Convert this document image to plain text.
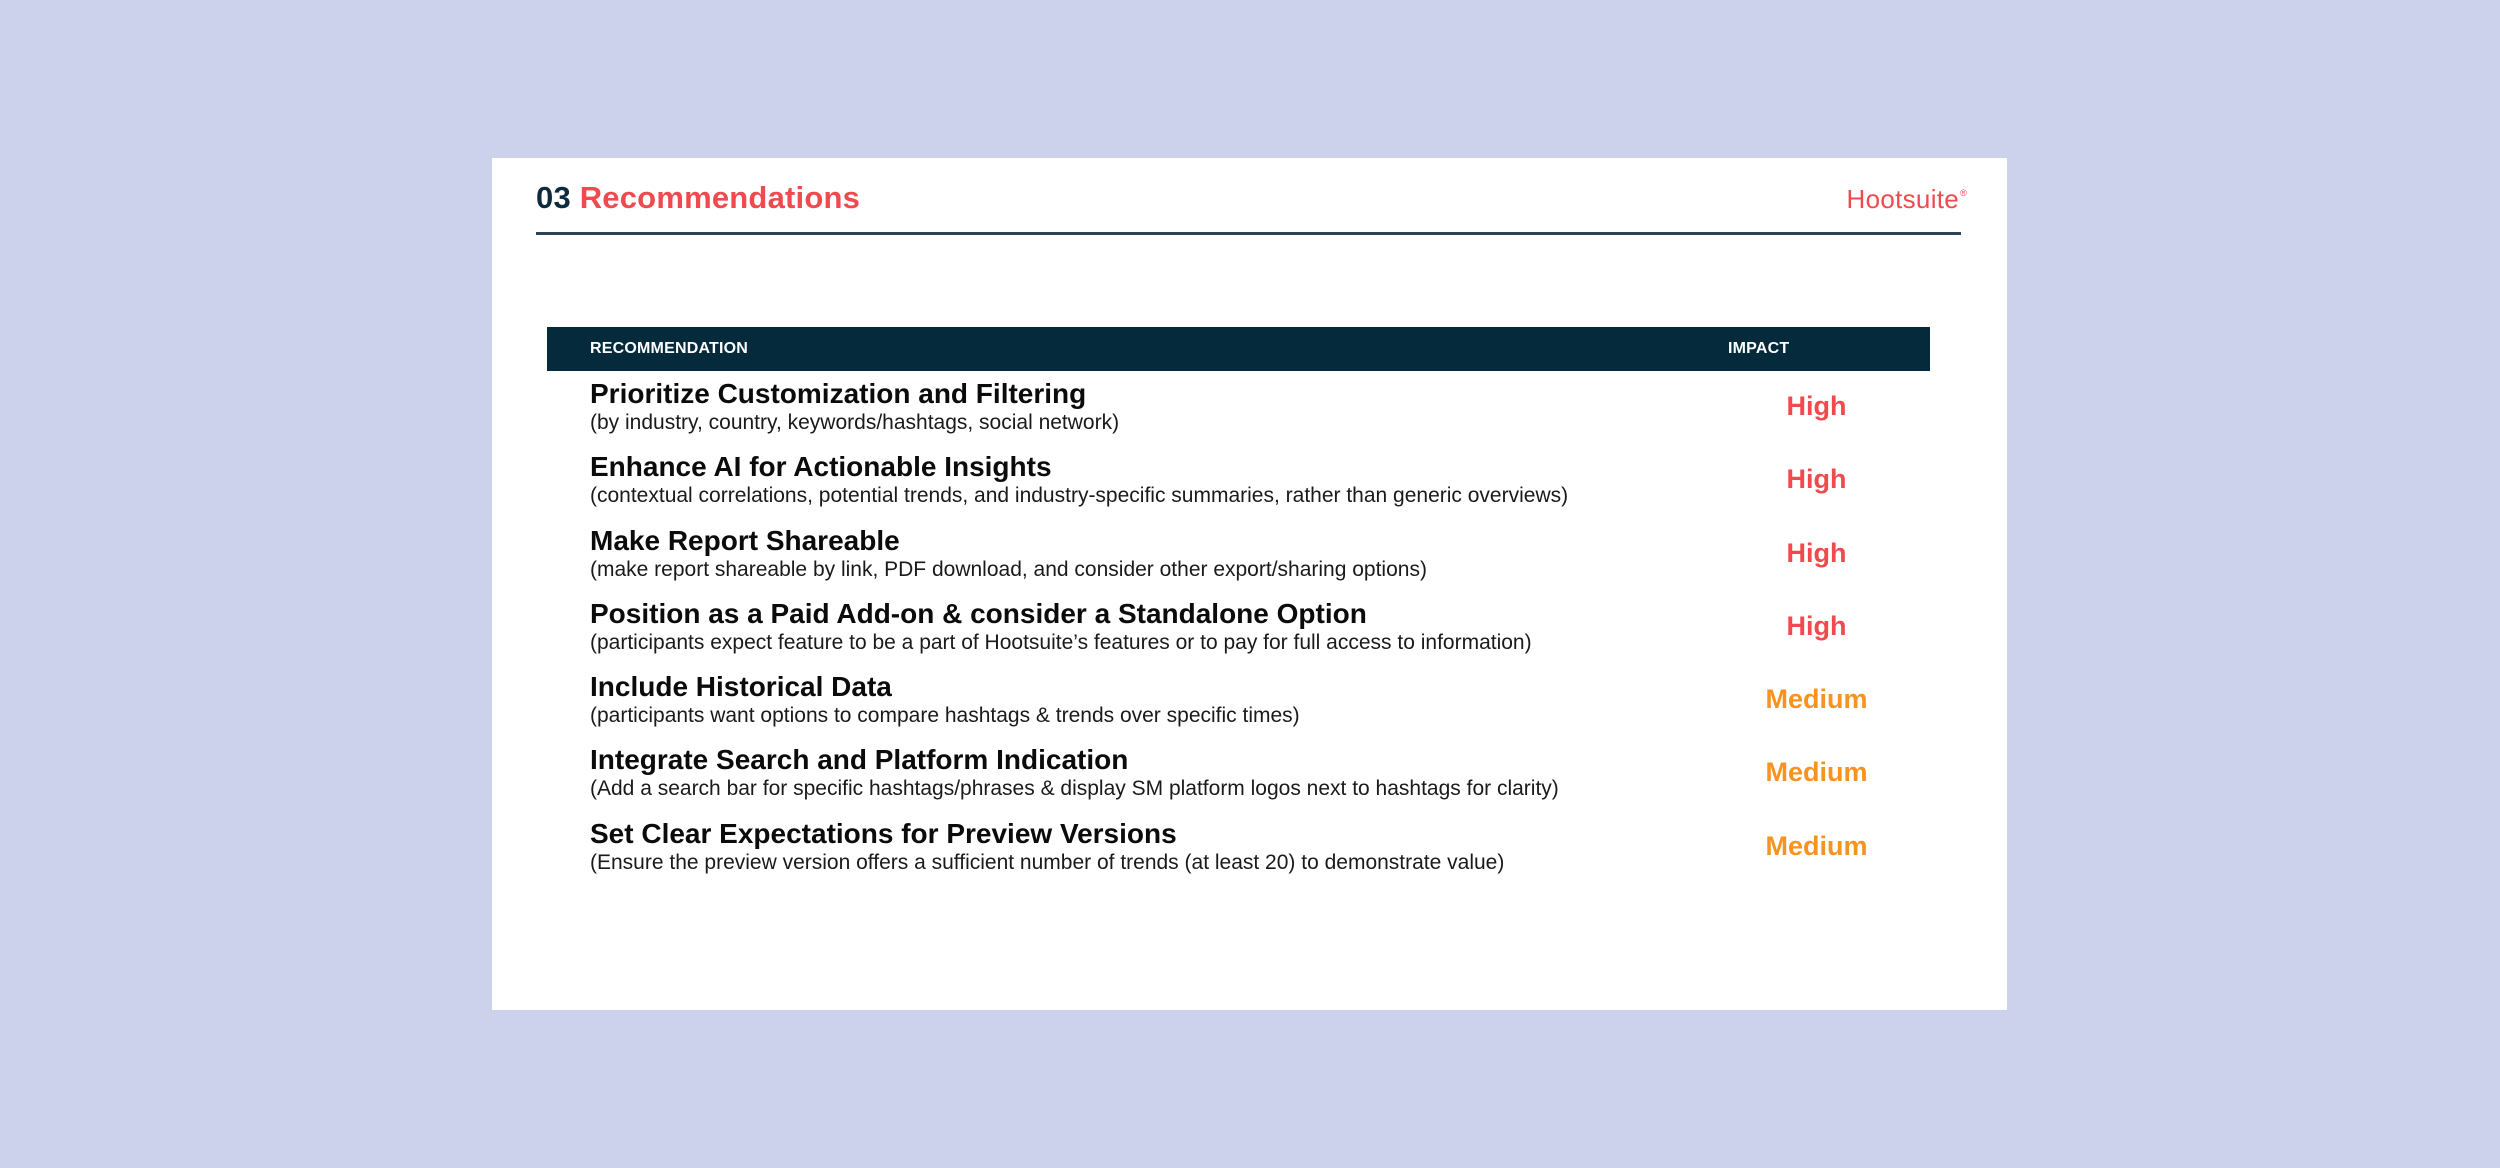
03 Recommendations	Hootsuite®
RECOMMENDATION	IMPACT
Prioritize Customization and Filtering
(by industry, country, keywords/hashtags, social network)
High
Enhance AI for Actionable Insights
(contextual correlations, potential trends, and industry-specific summaries, rather than generic overviews)
High
Make Report Shareable
(make report shareable by link, PDF download, and consider other export/sharing options)
High
Position as a Paid Add-on & consider a Standalone Option
(participants expect feature to be a part of Hootsuite’s features or to pay for full access to information)
High
Include Historical Data
(participants want options to compare hashtags & trends over specific times)
Medium
Integrate Search and Platform Indication
(Add a search bar for specific hashtags/phrases & display SM platform logos next to hashtags for clarity)
Medium
Set Clear Expectations for Preview Versions
(Ensure the preview version offers a sufficient number of trends (at least 20) to demonstrate value)
Medium
